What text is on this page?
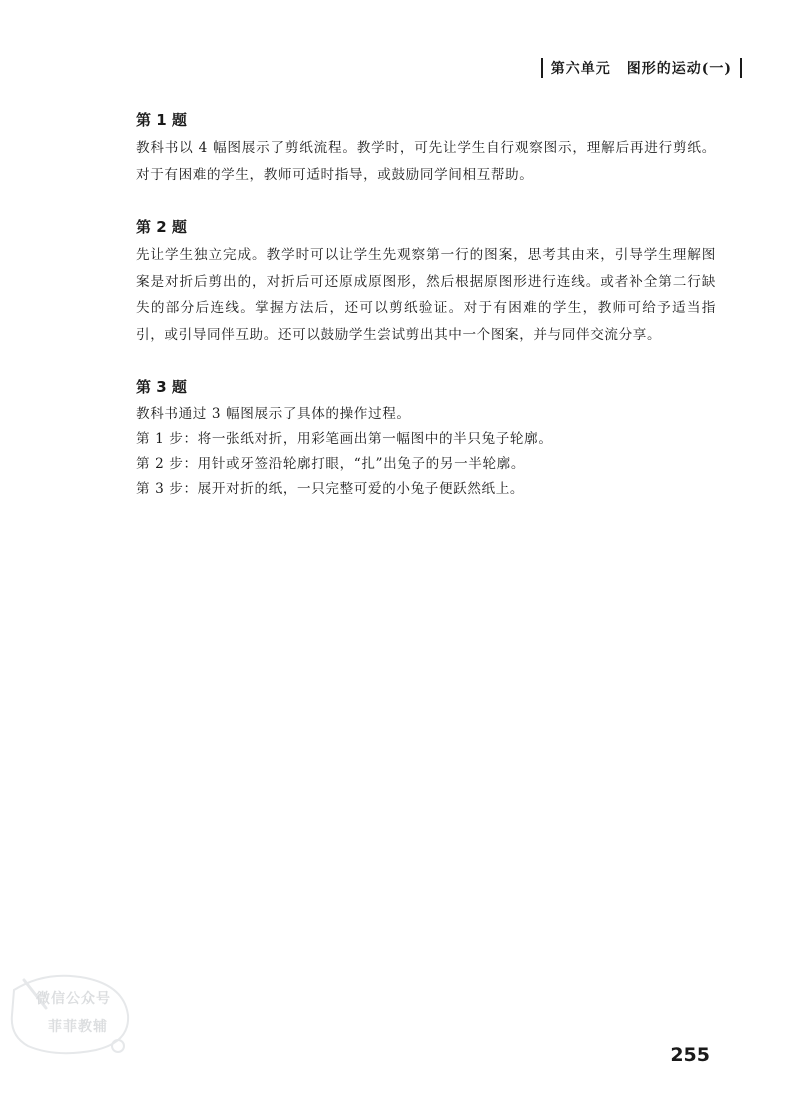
第六单元	图形的运动(一)
第 1 题

教科书以 4 幅图展示了剪纸流程。教学时，可先让学生自行观察图示，理解后再进行剪纸。对于有困难的学生，教师可适时指导，或鼓励同学间相互帮助。

第 2 题

先让学生独立完成。教学时可以让学生先观察第一行的图案，思考其由来，引导学生理解图案是对折后剪出的，对折后可还原成原图形，然后根据原图形进行连线。或者补全第二行缺失的部分后连线。掌握方法后，还可以剪纸验证。对于有困难的学生，教师可给予适当指引，或引导同伴互助。还可以鼓励学生尝试剪出其中一个图案，并与同伴交流分享。

第 3 题

教科书通过 3 幅图展示了具体的操作过程。

第 1 步：将一张纸对折，用彩笔画出第一幅图中的半只兔子轮廓。

第 2 步：用针或牙签沿轮廓打眼，“扎”出兔子的另一半轮廓。

第 3 步：展开对折的纸，一只完整可爱的小兔子便跃然纸上。

微信公众号
菲菲教辅
255
